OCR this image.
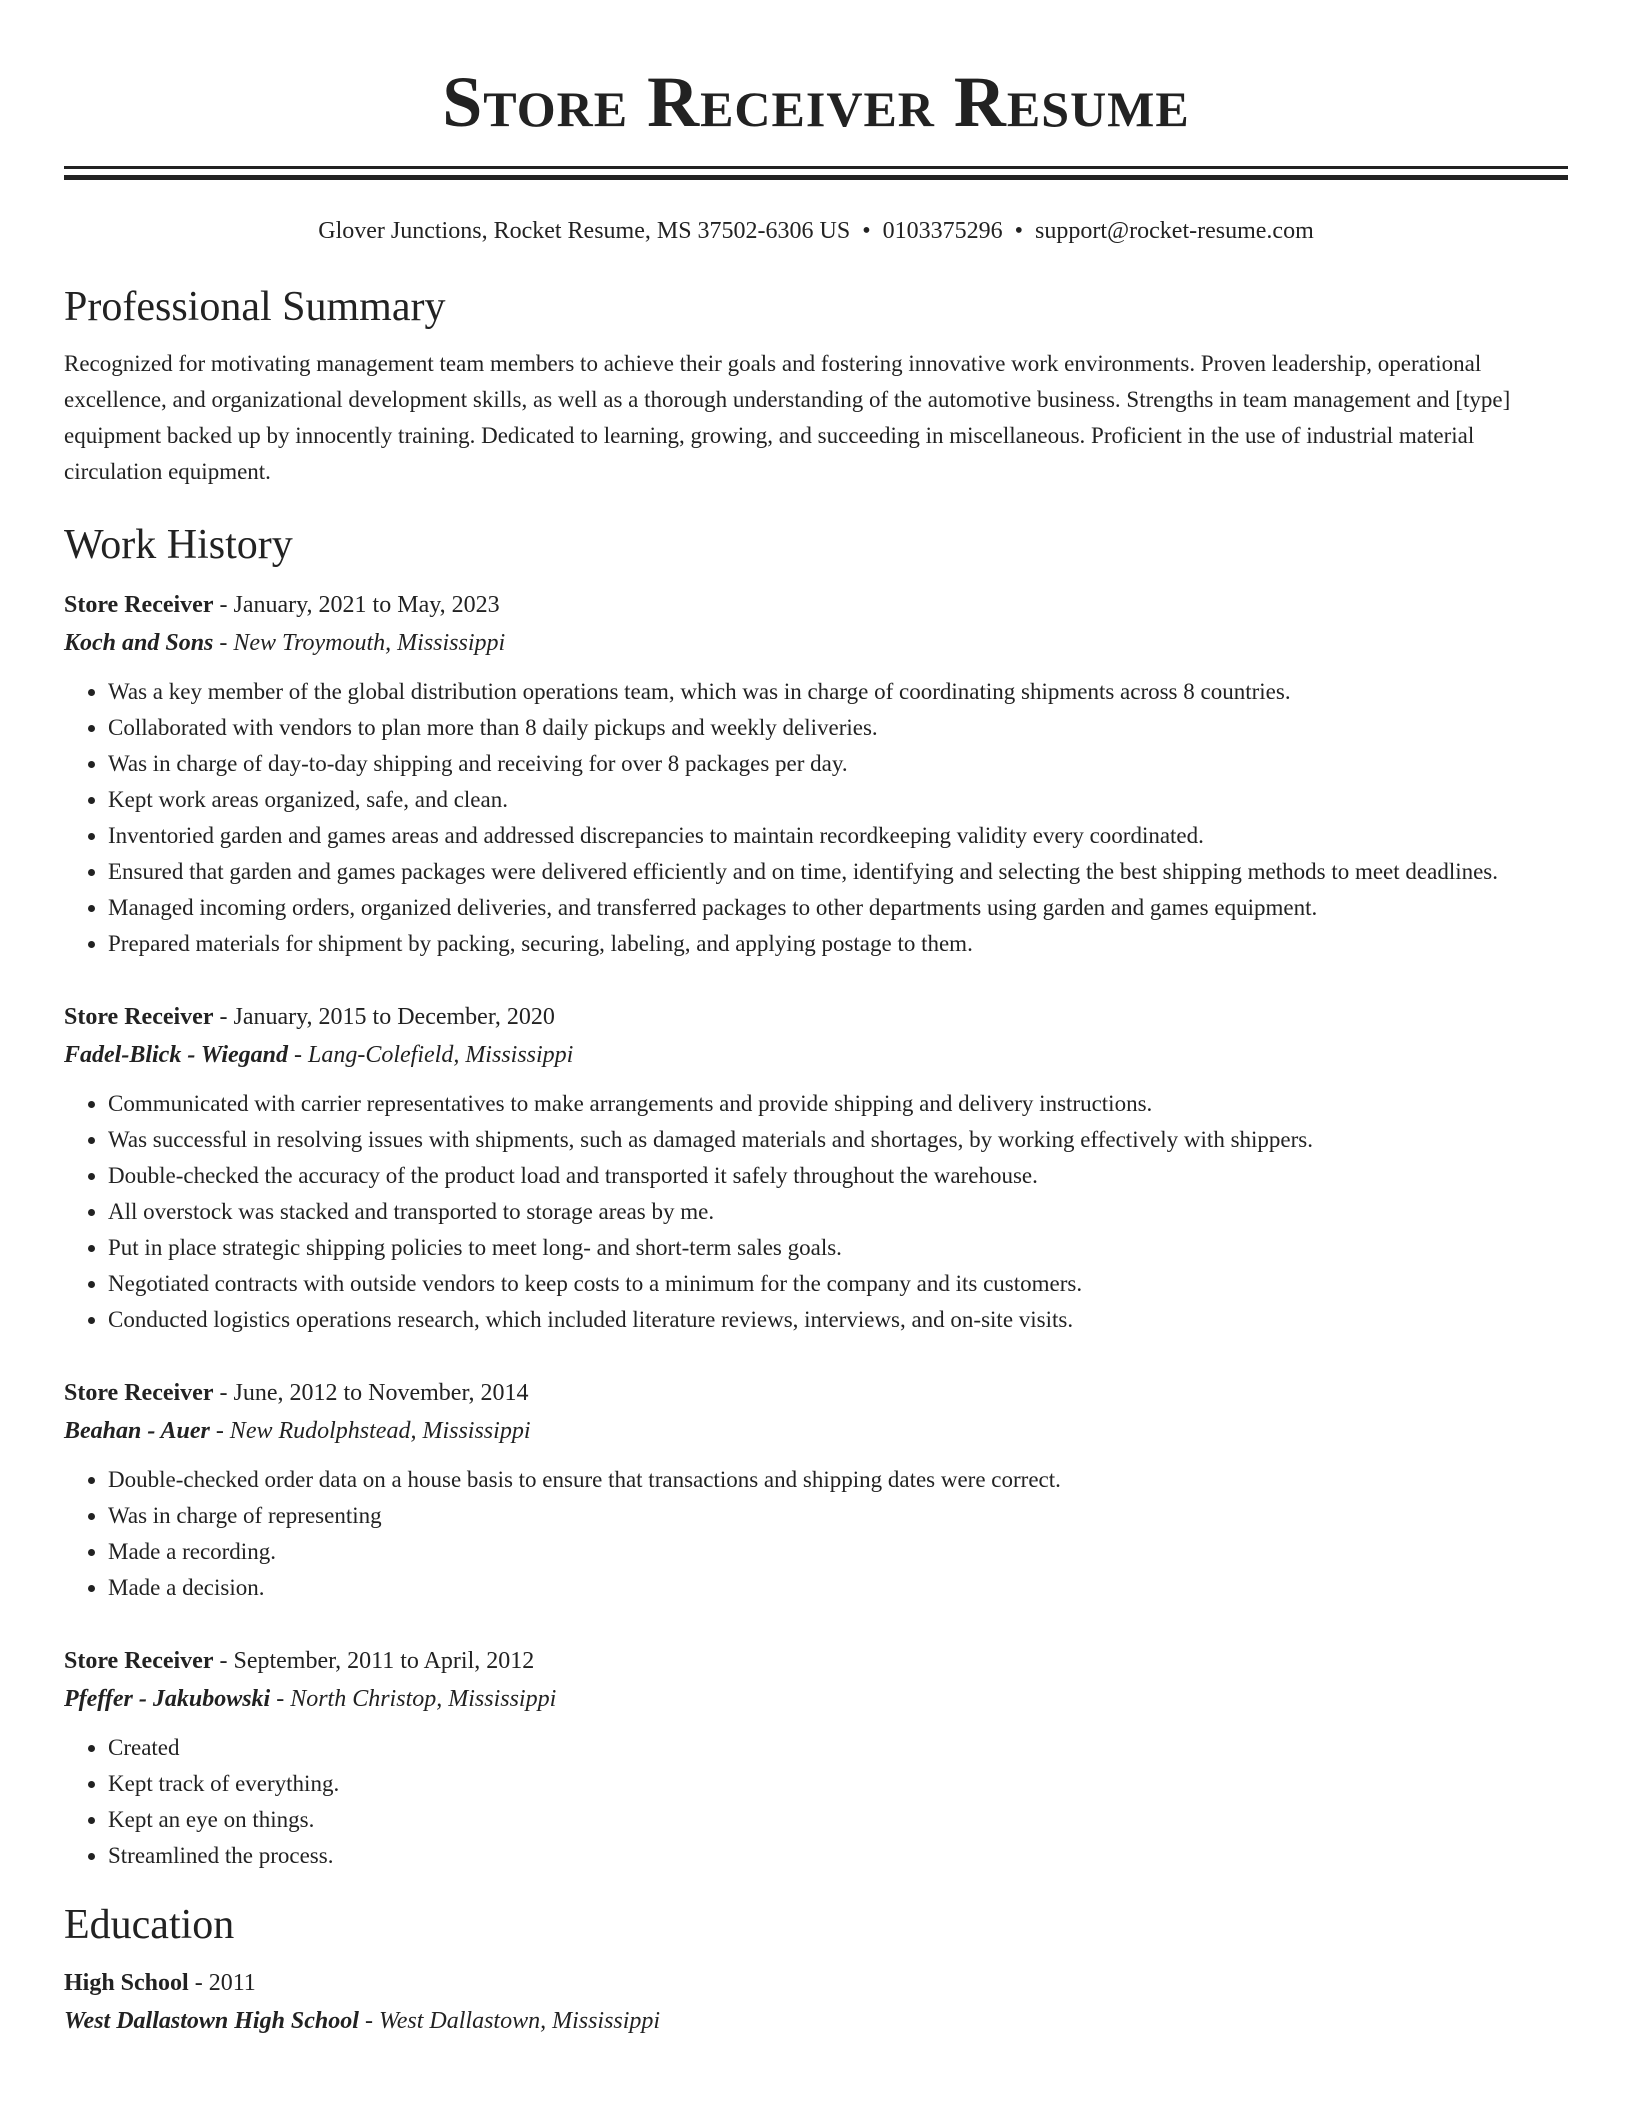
Store Receiver Resume
Glover Junctions, Rocket Resume, MS 37502-6306 US • 0103375296 • support@rocket-resume.com
Professional Summary

Recognized for motivating management team members to achieve their goals and fostering innovative work environments. Proven leadership, operational excellence, and organizational development skills, as well as a thorough understanding of the automotive business. Strengths in team management and [type] equipment backed up by innocently training. Dedicated to learning, growing, and succeeding in miscellaneous. Proficient in the use of industrial material circulation equipment.

Work History
Store Receiver - January, 2021 to May, 2023
Koch and Sons - New Troymouth, Mississippi
• Was a key member of the global distribution operations team, which was in charge of coordinating shipments across 8 countries.
• Collaborated with vendors to plan more than 8 daily pickups and weekly deliveries.
• Was in charge of day-to-day shipping and receiving for over 8 packages per day.
• Kept work areas organized, safe, and clean.
• Inventoried garden and games areas and addressed discrepancies to maintain recordkeeping validity every coordinated.
• Ensured that garden and games packages were delivered efficiently and on time, identifying and selecting the best shipping methods to meet deadlines.
• Managed incoming orders, organized deliveries, and transferred packages to other departments using garden and games equipment.
• Prepared materials for shipment by packing, securing, labeling, and applying postage to them.
Store Receiver - January, 2015 to December, 2020
Fadel-Blick - Wiegand - Lang-Colefield, Mississippi
• Communicated with carrier representatives to make arrangements and provide shipping and delivery instructions.
• Was successful in resolving issues with shipments, such as damaged materials and shortages, by working effectively with shippers.
• Double-checked the accuracy of the product load and transported it safely throughout the warehouse.
• All overstock was stacked and transported to storage areas by me.
• Put in place strategic shipping policies to meet long- and short-term sales goals.
• Negotiated contracts with outside vendors to keep costs to a minimum for the company and its customers.
• Conducted logistics operations research, which included literature reviews, interviews, and on-site visits.
Store Receiver - June, 2012 to November, 2014
Beahan - Auer - New Rudolphstead, Mississippi
• Double-checked order data on a house basis to ensure that transactions and shipping dates were correct.
• Was in charge of representing
• Made a recording.
• Made a decision.
Store Receiver - September, 2011 to April, 2012
Pfeffer - Jakubowski - North Christop, Mississippi
• Created
• Kept track of everything.
• Kept an eye on things.
• Streamlined the process.
Education
High School - 2011
West Dallastown High School - West Dallastown, Mississippi
